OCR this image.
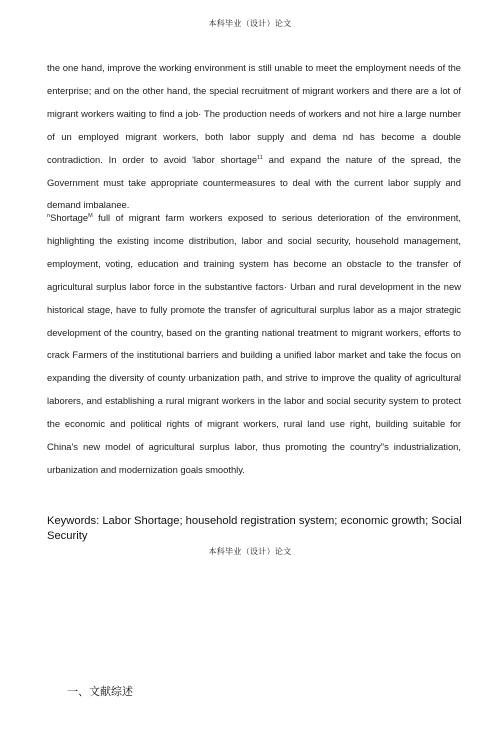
本科毕业（设计）论文
the one hand, improve the working environment is still unable to meet the employment needs of the enterprise; and on the other hand, the special recruitment of migrant workers and there are a lot of migrant workers waiting to find a job· The production needs of workers and not hire a large number of un employed migrant workers, both labor supply and dema nd has become a double contradiction. In order to avoid 'labor shortage$^{11}$ and expand the nature of the spread, the Government must take appropriate countermeasures to deal with the current labor supply and demand imbalanee.
$^n$Shortage$^M$ full of migrant farm workers exposed to serious deterioration of the environment, highlighting the existing income distribution, labor and social security, household management, employment, voting, education and training system has become an obstacle to the transfer of agricultural surplus labor force in the substantive factors· Urban and rural development in the new historical stage, have to fully promote the transfer of agricultural surplus labor as a major strategic development of the country, based on the granting national treatment to migrant workers, efforts to crack Farmers of the institutional barriers and building a unified labor market and take the focus on expanding the diversity of county urbanization path, and strive to improve the quality of agricultural laborers, and establishing a rural migrant workers in the labor and social security system to protect the economic and political rights of migrant workers, rural land use right, building suitable for China's new model of agricultural surplus labor, thus promoting the country"s industrialization, urbanization and modernization goals smoothly.
Keywords: Labor Shortage; household registration system; economic growth; Social Security
本科毕业（设计）论文
一、文献综述
